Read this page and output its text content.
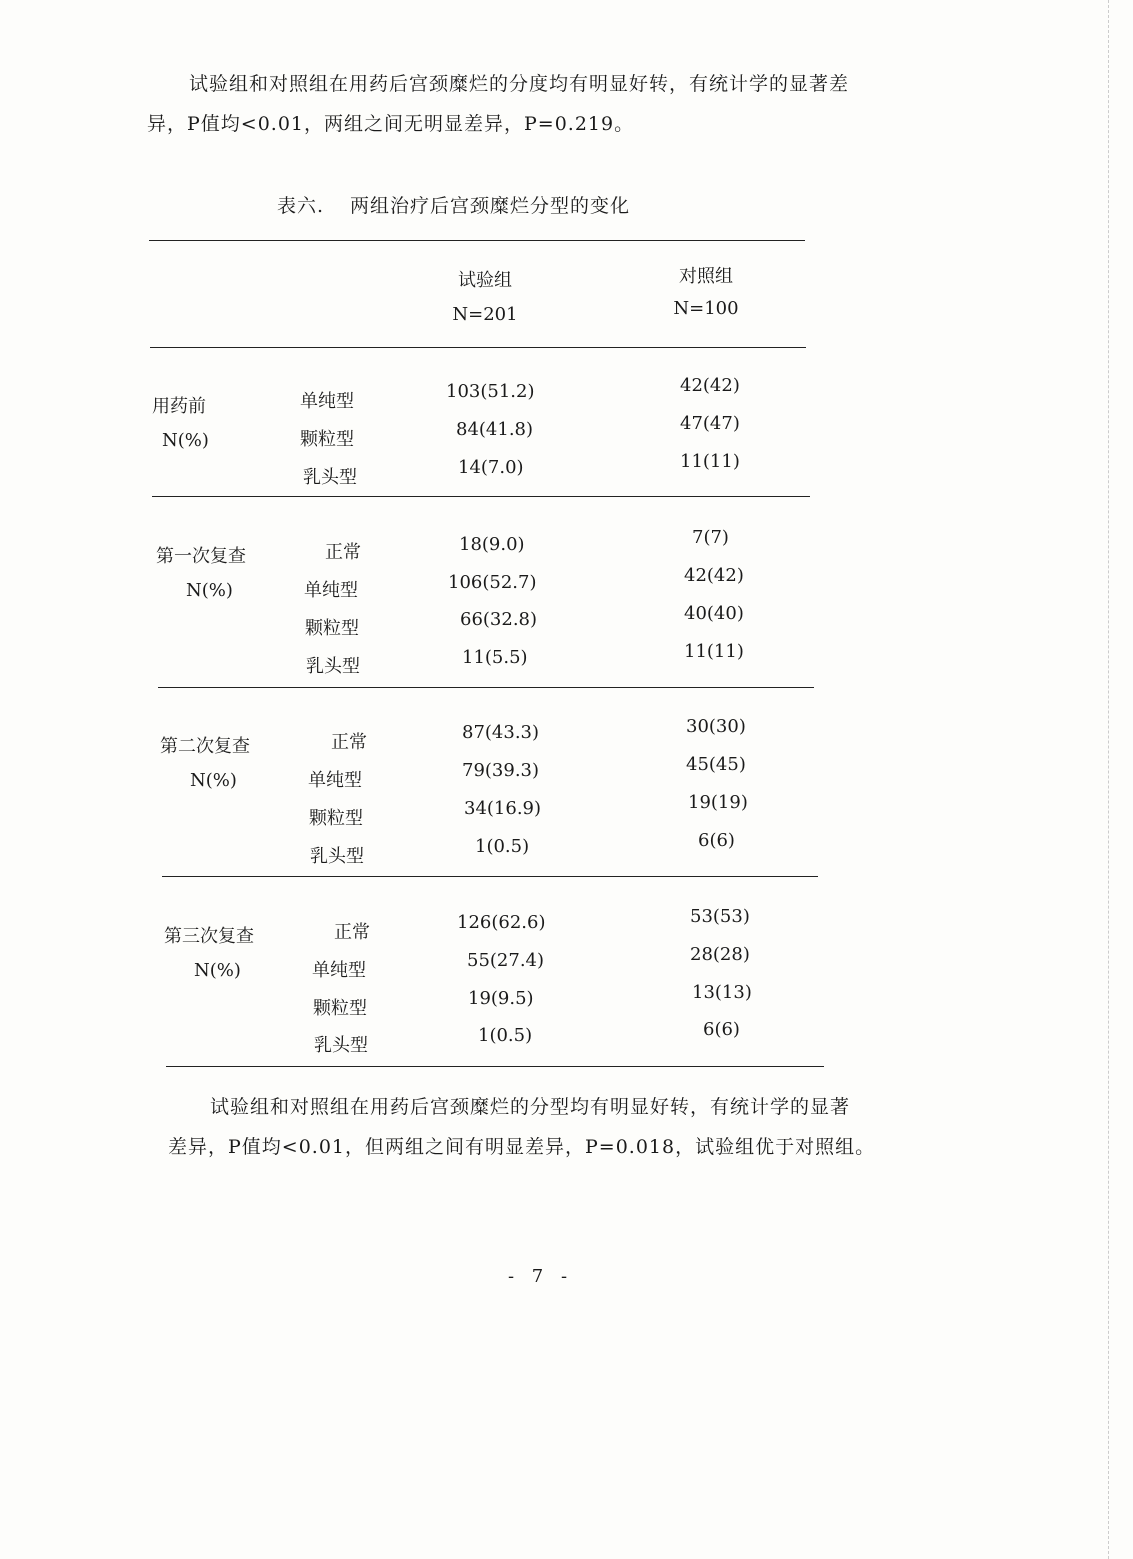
试验组和对照组在用药后宫颈糜烂的分度均有明显好转，有统计学的显著差
异，P值均<0.01，两组之间无明显差异，P=0.219。
表六. 两组治疗后宫颈糜烂分型的变化
试验组
N=201
对照组
N=100
用药前
N(%)
单纯型	103(51.2)	42(42)
颗粒型	84(41.8)	47(47)
乳头型	14(7.0)	11(11)
第一次复查
N(%)
正常	18(9.0)	7(7)
单纯型	106(52.7)	42(42)
颗粒型	66(32.8)	40(40)
乳头型	11(5.5)	11(11)
第二次复查
N(%)
正常	87(43.3)	30(30)
单纯型	79(39.3)	45(45)
颗粒型	34(16.9)	19(19)
乳头型	1(0.5)	6(6)
第三次复查
N(%)
正常	126(62.6)	53(53)
单纯型	55(27.4)	28(28)
颗粒型	19(9.5)	13(13)
乳头型	1(0.5)	6(6)
试验组和对照组在用药后宫颈糜烂的分型均有明显好转，有统计学的显著
差异，P值均<0.01，但两组之间有明显差异，P=0.018，试验组优于对照组。
- 7 -
